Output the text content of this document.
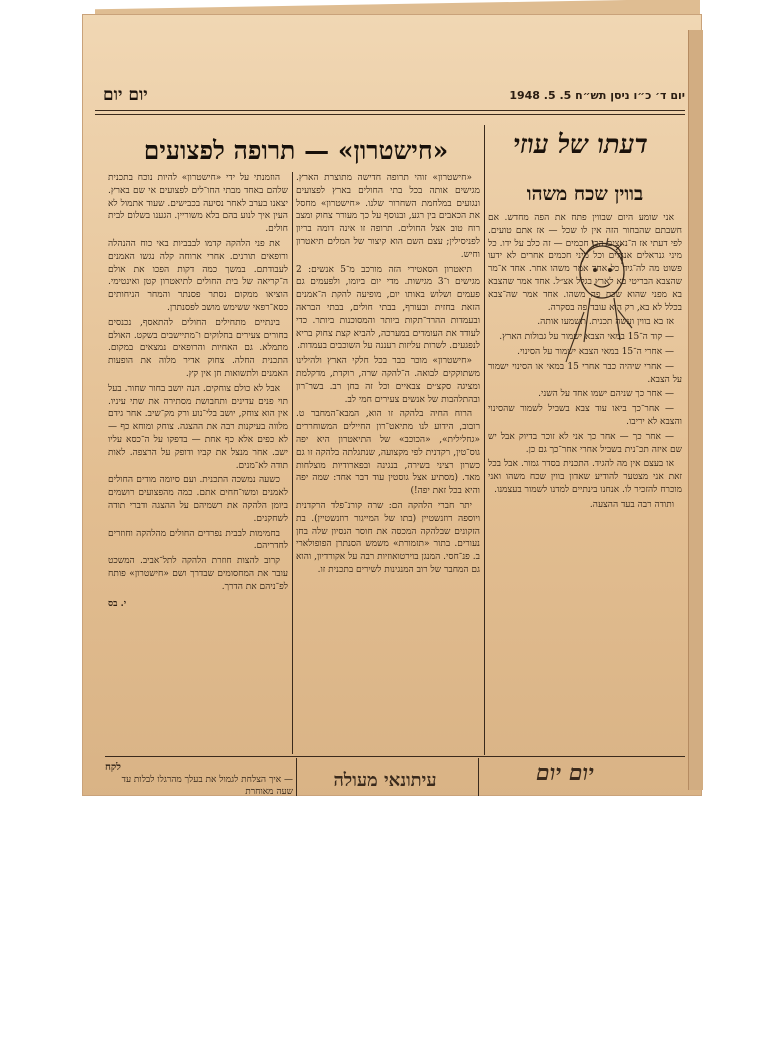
יום ד׳ כ״ו ניסן תש״ח 5. 5. 1948
יום יום
דעתו של עוזי
בווין שכח משהו

אני שומע היום שבווין פתח את הפה מחדש. אם חשבתם שהבחור הזה אין לו שכל — אז אתם טועים. לפי דעתי אז ה־נאצים הכי חכמים — זה כלב על ידו. כל מיני גנראלים אנגלים וכל מיני חכמים אחרים לא ידעו פשוט מה לה־גיד כל אחד אמר משהו אחר. אחד א־מר שהצבא הבריטי בא לארץ בגלל אצ״ל. אחד אמר שהצבא בא מפני שהוא שכח פה משהו. אחד אמר שה־צבא בכלל לא בא, רק הוא עובד פה בסקרה.

אז בא בווין ועשה תכנית. תשמעו אותה.

— קוד ה־15 במאי הצבא ישמור על גבולות הארץ.

— אחרי ה־15 במאי הצבא ישמור על הסינוי.

— אחרי שיהיה כבר אחרי 15 במאי או הסינוי ישמור על הצבא.

— אחר כך שניהם ישמו אחד על השני.

— אחר־כך ביאו עוד צבא בשביל לשמור שהסינוי והצבא לא יריבו.

— אחר כך — אחר כך אני לא זוכר בדיוק אבל יש שם איזה תכ־נית בשביל אחרי אחר־כך גם כן.

או בעצם אין מה להגיד. התכנית בסדר גמור. אבל בכל זאת אני מצטער להודיע שאדון בווין שכח משהו ואני מוכרח להזכיר לו. אנחנו בינתיים למדנו לשמור בעצמנו.

ותודה רבה בעד ההצעה.

«חישטרון» — תרופה לפצועים

«חישטרון» זוהי תרופה חדישה מתוצרת הארץ. מגישים אותה בכל בתי החולים בארץ לפצועים ונגועים במלחמת השחרור שלנו. «חישטרון» מחסל את הכאבים בין רגע, ובנוסף על כך מעורר צחוק ומצב רוח טוב אצל החולים. תרופה זו אינה דומה בריון לפניסילין; עצם השם הוא קיצור של המלים תיאטרון וחיש.

תיאטרון הסאטירי הזה מורכב מ־5 אנשים: 2 מגישים ו־3 מגישות. מדי יום ביומו, ולפעמים גם פעמים ושלוש באותו יום, מופיעה להקת ה־אמנים הזאת בחזית ובעורף, בבתי חולים, בבתי הבראה ובעמדות ההרד־תקות ביותר והמסוכנות ביותר. כדי לעודד את העומדים במערכה, להביא קצת צחוק בריא לנפגעים. לשרות עליזות רעננה על השוכבים בעמדות.

«חישטרון» מוכר כבר בכל חלקי הארץ ולהילינו משתוקקים לבואה. ה־להקה שרה, רוקדת, מדקלמת ומציגה סקצ׳ים צבאיים וכל זה בחן רב. בשר־רון ובהתלהבות של אנשים צעירים חמי לב.

הרוח החיה בלהקה זו הוא, המבא־המחבר ט. רובוב, הידוע לנו מתיאט־רון החיילים המשוחררים «גחלילית», «הכוכב» של התיאטרון היא יפה גוס־טין, רקדנית לפי מקצועה, שנתגלתה בלהקה זו גם כשרון רציני בשירה, בנגינה ובפארודיות מוצלחות מאד. (מסתיע אצל גוסטין עוד דבר אחד: שמה יפה והיא בכל זאת יפה!)

יתר חברי הלהקה הם: שרה קורנ־פלד הרקדנית ויוספה רוזנשטיין (בתו של המייגור רוזנשטיין). בת הזקונים שבלהקה המכסה את חוסר הנסיון שלה בחן נעורים. בתור «תזמורת» משמש הסנתרן הפופולארי ב. פנ־חסי. המנגן בוירטואוזיות רבה על אקורדיון, והוא גם המחבר של רוב המנגינות לשירים בתכנית זו.

הוזמנתי על ידי «חישטרון» להיות נוכח בתכנית שלהם באחד מבתי החו־לים לפצועים אי שם בארץ. יצאנו בערב לאחר נסיעה בכבישים. שעוד אתמול לא העין איך לנוע בהם בלא משוריין. הגענו בשלום לבית חולים.

את פני הלהקה קדמו לבבביות באי כוח ההנהלה ורופאים תורנים. אחרי ארוחה קלה נגשו האמנים לעבודתם. במשך כמה דקות הפכו את אולם ה־קריאה של בית החולים לתיאטרון קטן ואינטימי. הוציאו ממקום נסתר פסנתר והמחר הניחותים כסא־רפאי ששימש מושב לפסנתרן.

בינתיים מתחילים החולים להתאסף, נכנסים בחורים צעירים בחלוקים ו־מתיישבים בשקט. האולם מתמלא. גם האחיות והרופאים נמצאים במקום. התכנית החלה. צחוק אדיר מלוה את הופעות האמנים ולתשואות חן אין קץ.

אבל לא כולם צוחקים. הנה יושב בחור שחור. בעל תוי פנים עדינים ותחבושת מסתירה את שתי עיניו. אין הוא צוחק, יושב בלי־נוע ורק מק־שיב. אחר גידם מלווה בעיקנות רבה את ההצגה. צוחק ומוחא כף — לא כפים אלא כף אחת — בדפקו על ה־כסא עליו ישב. אחר מנצל את קביו ודופק על הרצפה. לאות תודה לא־מנים.

כשעה נמשכה התכנית. ועם סיומה מודים החולים לאמנים ומשו־חחים אתם. כמה מהפצועים רושמים ביומן הלהקה את רשמיהם על ההצגה ודברי תודה לשחקנים.

בחמימות לבבית נפרדים החולים מהלהקה וחוזרים לחדריהם.

קרוב להצות חוזרת הלהקה לתל־אביב. המשכט עובר את המחסומים שבדרך ושם «חישטרון» פותח לפ־ניהם את הדרך.

י. בס
יום יום
עיתונאי מעולה
לקח
— איך הצלחת לגמול את בעלך מהרגלו לבלות עד שעה מאוחרת
